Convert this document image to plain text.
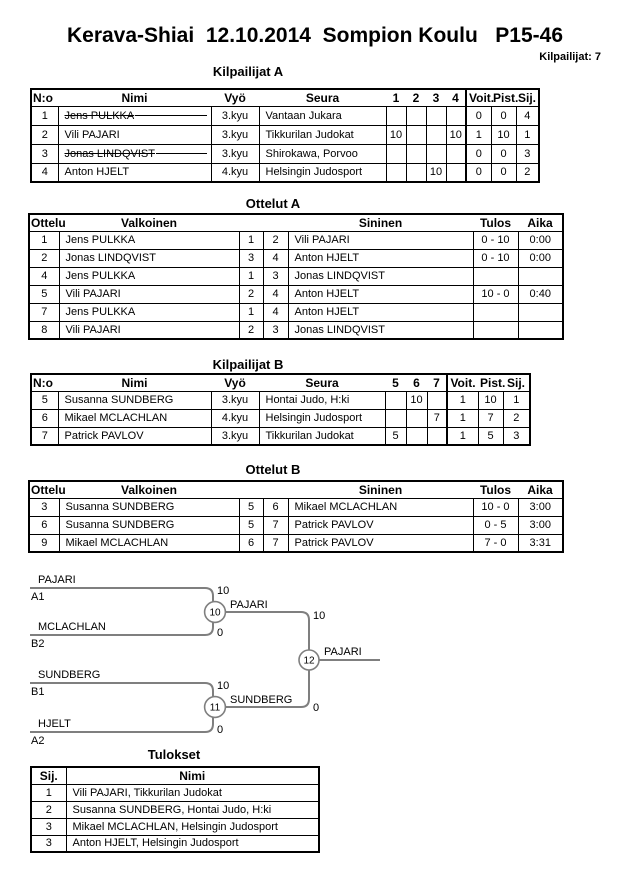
Kerava-Shiai  12.10.2014  Sompion Koulu   P15-46
Kilpailijat: 7
Kilpailijat A
N:o	Nimi	Vyö	Seura	1	2	3	4	Voit.	Pist.	Sij.
1	Jens PULKKA	3.kyu	Vantaan Jukara					0	0	4
2	Vili PAJARI	3.kyu	Tikkurilan Judokat	10			10	1	10	1
3	Jonas LINDQVIST	3.kyu	Shirokawa, Porvoo					0	0	3
4	Anton HJELT	4.kyu	Helsingin Judosport			10		0	0	2
Ottelut A
Ottelu	Valkoinen			Sininen	Tulos	Aika
1	Jens PULKKA	1	2	Vili PAJARI	0 - 10	0:00
2	Jonas LINDQVIST	3	4	Anton HJELT	0 - 10	0:00
4	Jens PULKKA	1	3	Jonas LINDQVIST		
5	Vili PAJARI	2	4	Anton HJELT	10 - 0	0:40
7	Jens PULKKA	1	4	Anton HJELT		
8	Vili PAJARI	2	3	Jonas LINDQVIST		
Kilpailijat B
N:o	Nimi	Vyö	Seura	5	6	7	Voit.	Pist.	Sij.
5	Susanna SUNDBERG	3.kyu	Hontai Judo, H:ki		10		1	10	1
6	Mikael MCLACHLAN	4.kyu	Helsingin Judosport			7	1	7	2
7	Patrick PAVLOV	3.kyu	Tikkurilan Judokat	5			1	5	3
Ottelut B
Ottelu	Valkoinen			Sininen	Tulos	Aika
3	Susanna SUNDBERG	5	6	Mikael MCLACHLAN	10 - 0	3:00
6	Susanna SUNDBERG	5	7	Patrick PAVLOV	0 - 5	3:00
9	Mikael MCLACHLAN	6	7	Patrick PAVLOV	7 - 0	3:31
PAJARI
A1	10
MCLACHLAN
B2
0
10
PAJARI
10
SUNDBERG
B1	10
HJELT
A2
0
11
SUNDBERG
0
12
PAJARI
Tulokset
Sij.	Nimi
1	Vili PAJARI, Tikkurilan Judokat
2	Susanna SUNDBERG, Hontai Judo, H:ki
3	Mikael MCLACHLAN, Helsingin Judosport
3	Anton HJELT, Helsingin Judosport
